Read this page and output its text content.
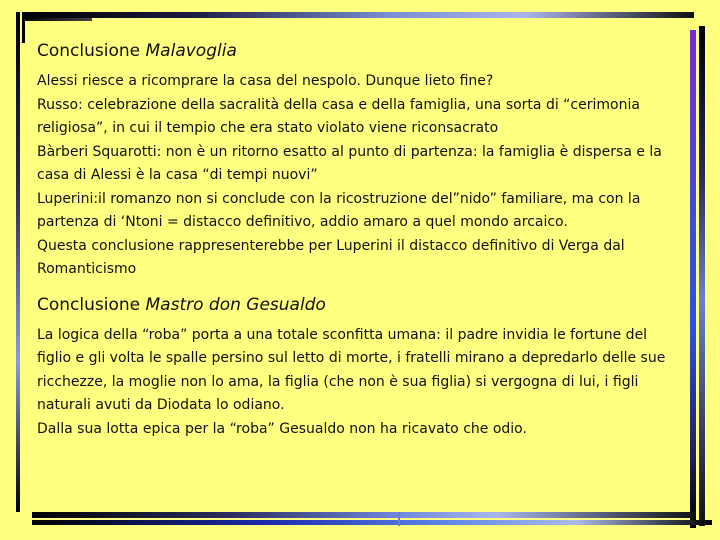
Conclusione Malavoglia

Alessi riesce a ricomprare la casa del nespolo. Dunque lieto fine?

Russo: celebrazione della sacralità della casa e della famiglia, una sorta di “cerimonia religiosa”, in cui il tempio che era stato violato viene riconsacrato

Bàrberi Squarotti: non è un ritorno esatto al punto di partenza: la famiglia è dispersa e la casa di Alessi è la casa “di tempi nuovi”

Luperini:il romanzo non si conclude con la ricostruzione del”nido” familiare, ma con la partenza di ‘Ntoni = distacco definitivo, addio amaro a quel mondo arcaico.

Questa conclusione rappresenterebbe per Luperini il distacco definitivo di Verga dal Romanticismo

Conclusione Mastro don Gesualdo

La logica della “roba” porta a una totale sconfitta umana: il padre invidia le fortune del figlio e gli volta le spalle persino sul letto di morte, i fratelli mirano a depredarlo delle sue ricchezze, la moglie non lo ama, la figlia (che non è sua figlia) si vergogna di lui, i figli naturali avuti da Diodata lo odiano.

Dalla sua lotta epica per la “roba” Gesualdo non ha ricavato che odio.
